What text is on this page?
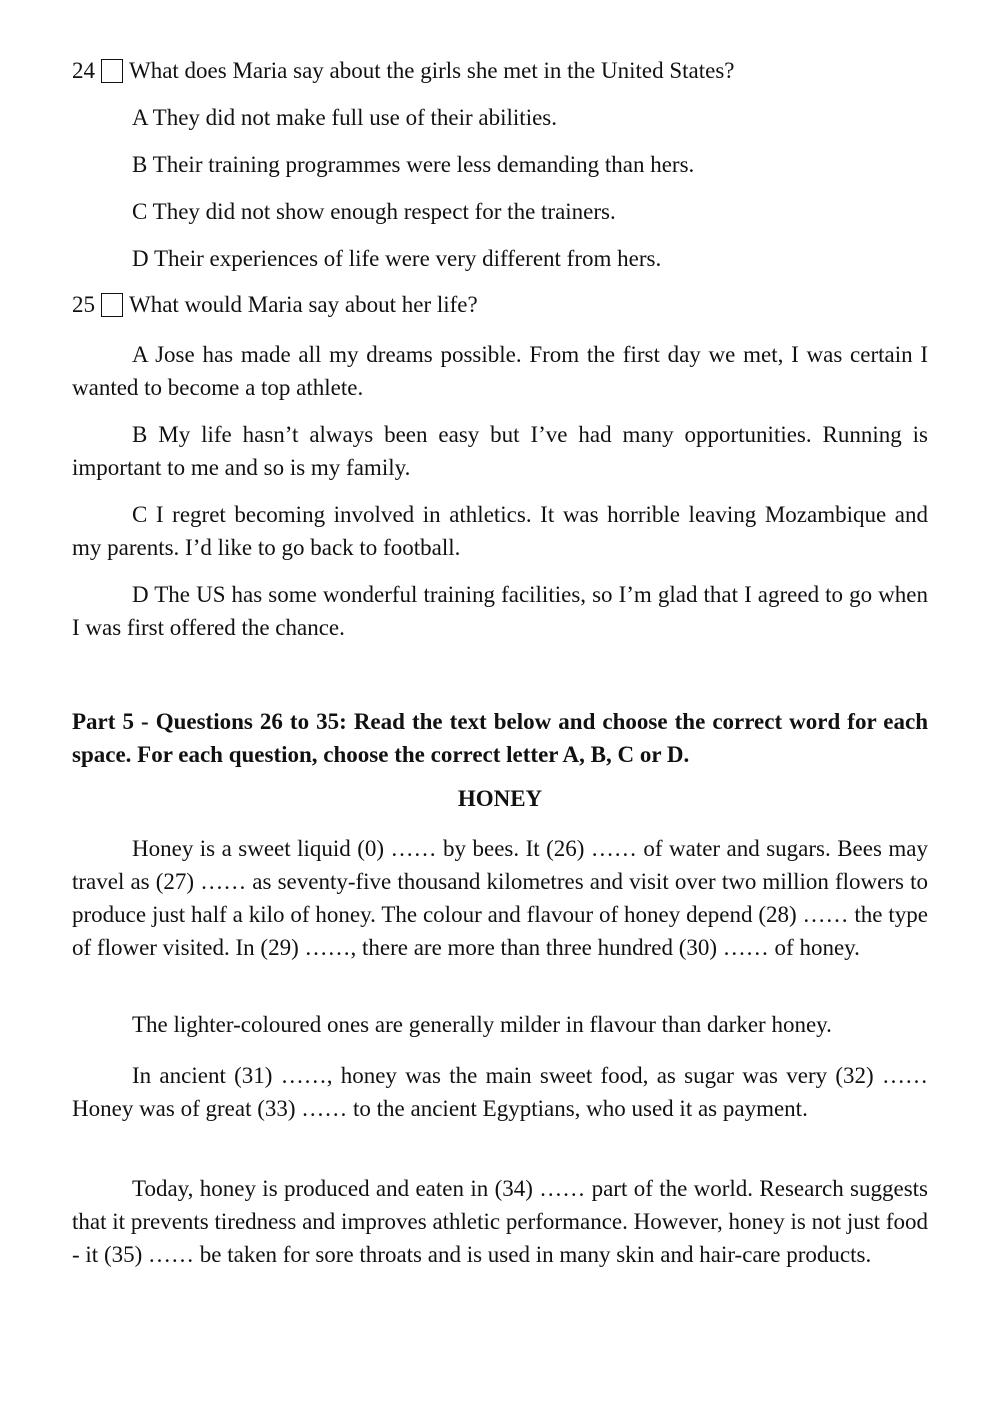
24 What does Maria say about the girls she met in the United States?
A They did not make full use of their abilities.
B Their training programmes were less demanding than hers.
C They did not show enough respect for the trainers.
D Their experiences of life were very different from hers.
25 What would Maria say about her life?

A Jose has made all my dreams possible. From the first day we met, I was certain I wanted to become a top athlete.

B My life hasn’t always been easy but I’ve had many opportunities. Running is important to me and so is my family.

C I regret becoming involved in athletics. It was horrible leaving Mozambique and my parents. I’d like to go back to football.

D The US has some wonderful training facilities, so I’m glad that I agreed to go when I was first offered the chance.

Part 5 - Questions 26 to 35: Read the text below and choose the correct word for each space. For each question, choose the correct letter A, B, C or D.

HONEY

Honey is a sweet liquid (0) …… by bees. It (26) …… of water and sugars. Bees may travel as (27) …… as seventy-five thousand kilometres and visit over two million flowers to produce just half a kilo of honey. The colour and flavour of honey depend (28) …… the type of flower visited. In (29) ……, there are more than three hundred (30) …… of honey.

The lighter-coloured ones are generally milder in flavour than darker honey.

In ancient (31) ……, honey was the main sweet food, as sugar was very (32) …… Honey was of great (33) …… to the ancient Egyptians, who used it as payment.

Today, honey is produced and eaten in (34) …… part of the world. Research suggests that it prevents tiredness and improves athletic performance. However, honey is not just food - it (35) …… be taken for sore throats and is used in many skin and hair-care products.
